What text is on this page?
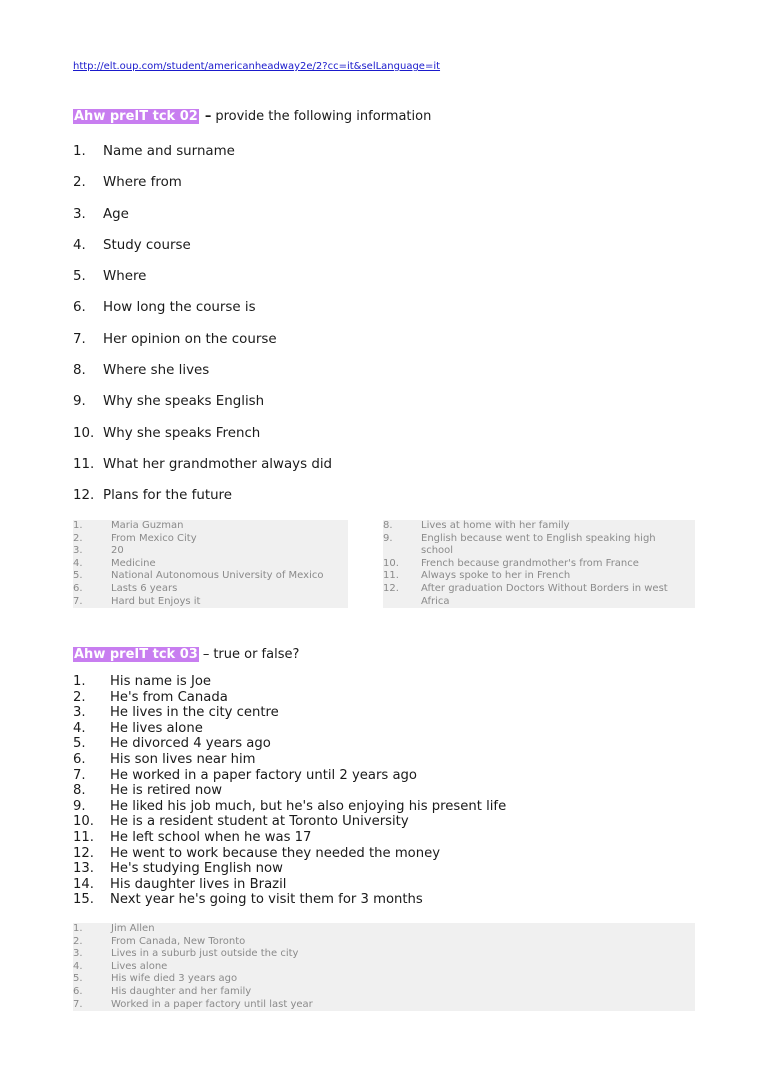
http://elt.oup.com/student/americanheadway2e/2?cc=it&selLanguage=it
Ahw preIT tck 02 – provide the following information
1.	Name and surname
2.	Where from
3.	Age
4.	Study course
5.	Where
6.	How long the course is
7.	Her opinion on the course
8.	Where she lives
9.	Why she speaks English
10. Why she speaks French
11. What her grandmother always did
12. Plans for the future
1.	Maria Guzman
2.	From Mexico City
3.	20
4.	Medicine
5.	National Autonomous University of Mexico
6.	Lasts 6 years
7.	Hard but Enjoys it
8.	Lives at home with her family
9.	English because went to English speaking high school
10.	French because grandmother's from France
11.	Always spoke to her in French
12.	After graduation Doctors Without Borders in west Africa
Ahw preIT tck 03 – true or false?
1.	His name is Joe
2.	He's from Canada
3.	He lives in the city centre
4.	He lives alone
5.	He divorced 4 years ago
6.	His son lives near him
7.	He worked in a paper factory until 2 years ago
8.	He is retired now
9.	He liked his job much, but he's also enjoying his present life
10.	He is a resident student at Toronto University
11.	He left school when he was 17
12.	He went to work because they needed the money
13.	He's studying English now
14.	His daughter lives in Brazil
15.	Next year he's going to visit them for 3 months
1.	Jim Allen
2.	From Canada, New Toronto
3.	Lives in a suburb just outside the city
4.	Lives alone
5.	His wife died 3 years ago
6.	His daughter and her family
7.	Worked in a paper factory until last year
